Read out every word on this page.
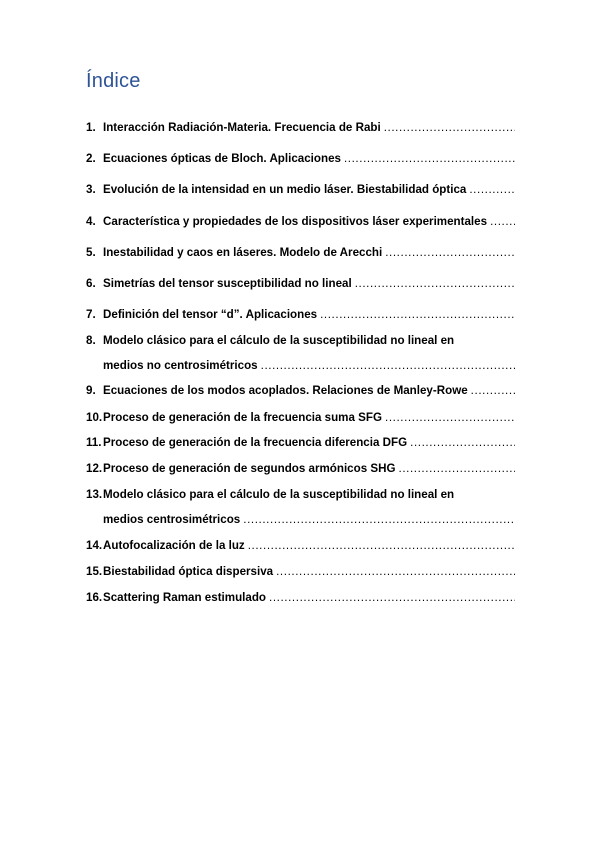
Índice
1. Interacción Radiación-Materia. Frecuencia de Rabi
.....
2. Ecuaciones ópticas de Bloch. Aplicaciones
.....
3. Evolución de la intensidad en un medio láser. Biestabilidad óptica
.....
4. Característica y propiedades de los dispositivos láser experimentales
.....
5. Inestabilidad y caos en láseres. Modelo de Arecchi
.....
6. Simetrías del tensor susceptibilidad no lineal
.....
7. Definición del tensor “d”. Aplicaciones
.....
8. Modelo clásico para el cálculo de la susceptibilidad no lineal en
medios no centrosimétricos
.....
9. Ecuaciones de los modos acoplados. Relaciones de Manley-Rowe
.....
10. Proceso de generación de la frecuencia suma SFG
.....
11. Proceso de generación de la frecuencia diferencia DFG
.....
12. Proceso de generación de segundos armónicos SHG
.....
13. Modelo clásico para el cálculo de la susceptibilidad no lineal en
medios centrosimétricos
.....
14. Autofocalización de la luz
.....
15. Biestabilidad óptica dispersiva
.....
16. Scattering Raman estimulado
.....
